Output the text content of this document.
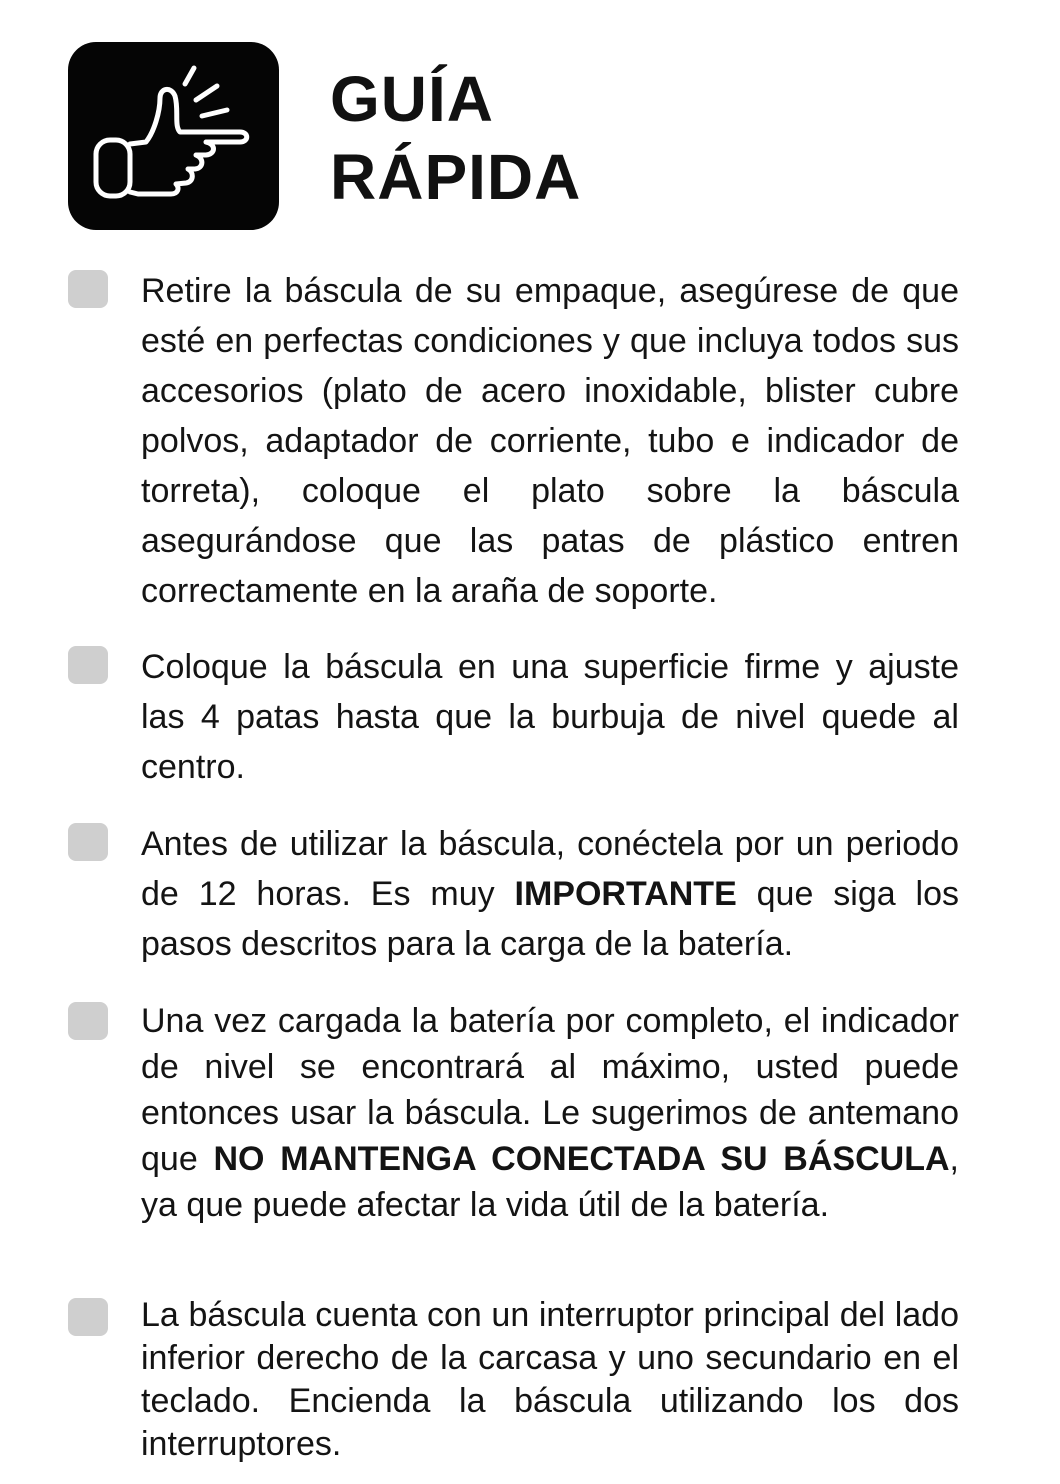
GUÍA
RÁPIDA

Retire la báscula de su empaque, asegúrese de que esté en perfectas condiciones y que incluya todos sus accesorios (plato de acero inoxidable, blister cubre polvos, adaptador de corriente, tubo e indicador de torreta), coloque el plato sobre la báscula asegurándose que las patas de plástico entren correctamente en la araña de soporte.

Coloque la báscula en una superficie firme y ajuste las 4 patas hasta que la burbuja de nivel quede al centro.

Antes de utilizar la báscula, conéctela por un periodo de 12 horas. Es muy IMPORTANTE que siga los pasos descritos para la carga de la batería.

Una vez cargada la batería por completo, el indicador de nivel se encontrará al máximo, usted puede entonces usar la báscula. Le sugerimos de antemano que NO MANTENGA CONECTADA SU BÁSCULA, ya que puede afectar la vida útil de la batería.

La báscula cuenta con un interruptor principal del lado inferior derecho de la carcasa y uno secundario en el teclado. Encienda la báscula utilizando los dos interruptores.
